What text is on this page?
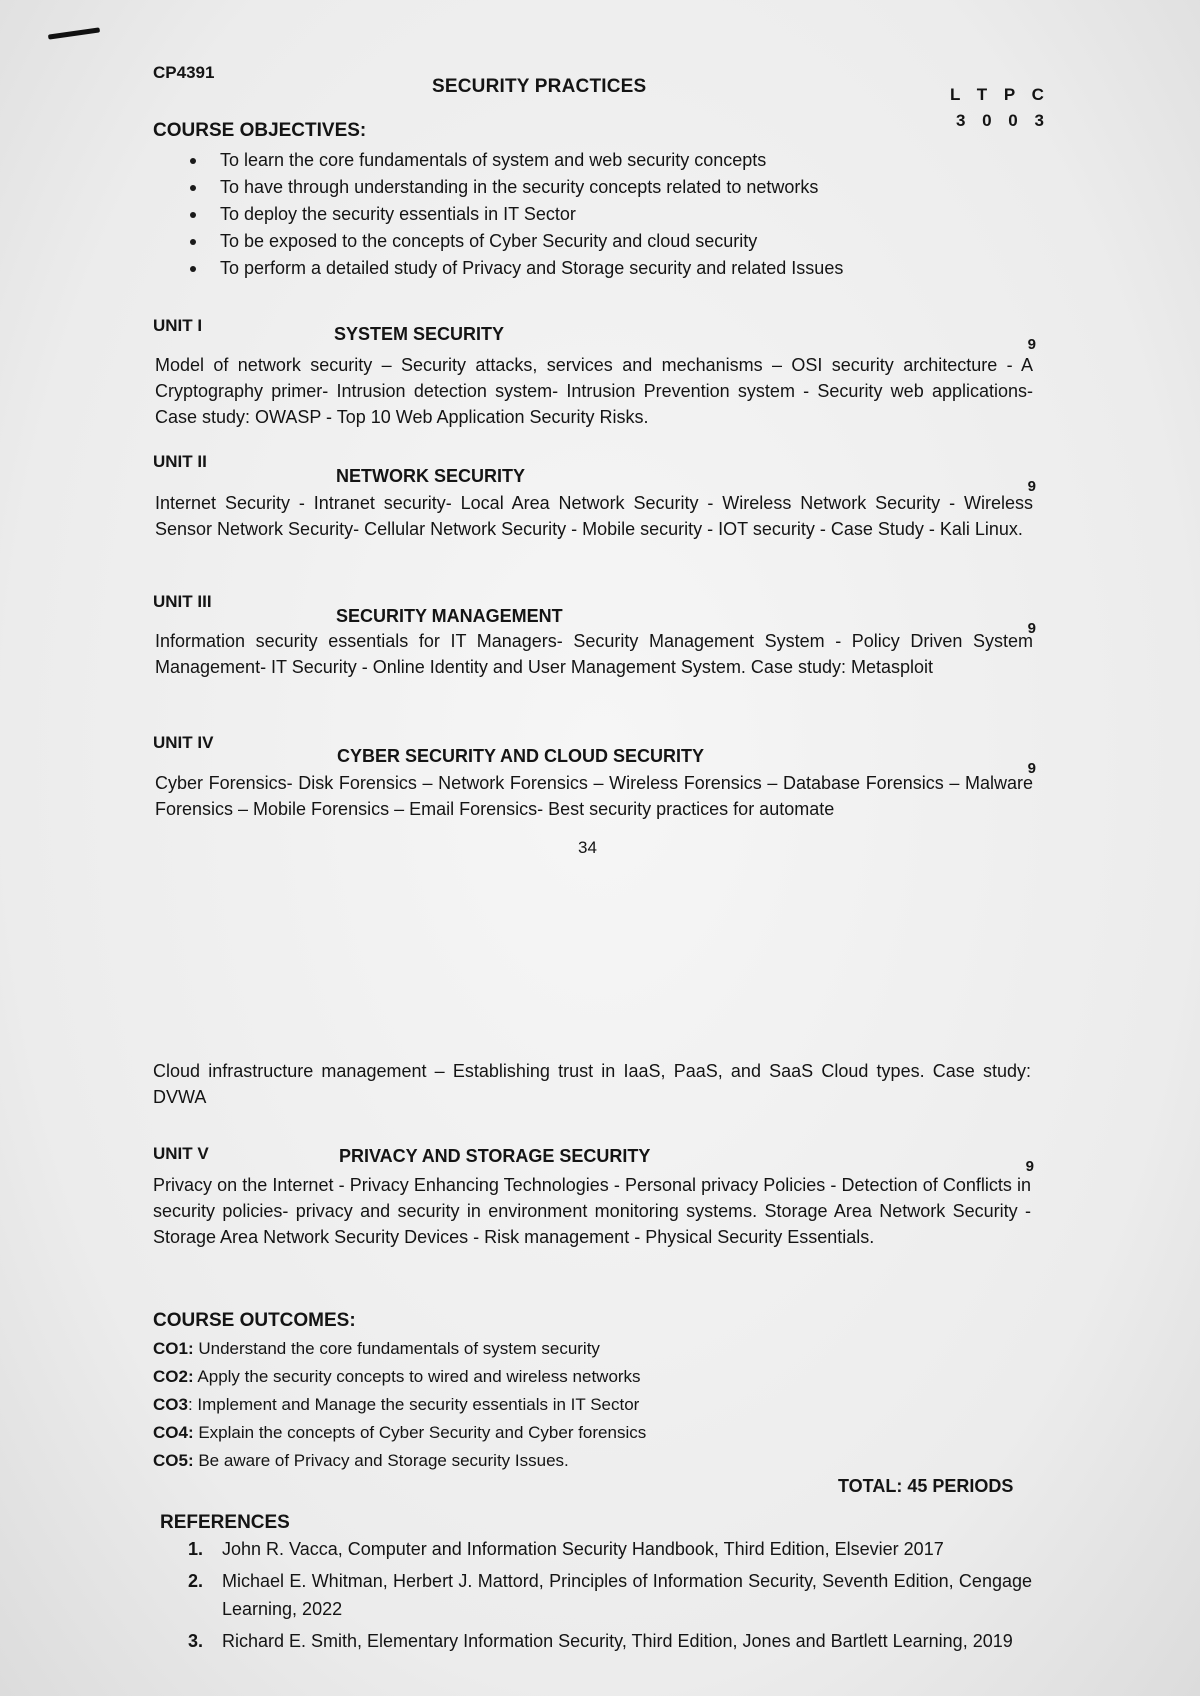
CP4391
SECURITY PRACTICES	L T P C
3 0 0 3
COURSE OBJECTIVES:
To learn the core fundamentals of system and web security concepts
To have through understanding in the security concepts related to networks
To deploy the security essentials in IT Sector
To be exposed to the concepts of Cyber Security and cloud security
To perform a detailed study of Privacy and Storage security and related Issues
UNIT I	SYSTEM SECURITY
9
Model of network security – Security attacks, services and mechanisms – OSI security architecture - A Cryptography primer- Intrusion detection system- Intrusion Prevention system - Security web applications- Case study: OWASP - Top 10 Web Application Security Risks.
UNIT II
NETWORK SECURITY
9
Internet Security - Intranet security- Local Area Network Security - Wireless Network Security - Wireless Sensor Network Security- Cellular Network Security - Mobile security - IOT security - Case Study - Kali Linux.
UNIT III
SECURITY MANAGEMENT
9
Information security essentials for IT Managers- Security Management System - Policy Driven System Management- IT Security - Online Identity and User Management System. Case study: Metasploit
UNIT IV
CYBER SECURITY AND CLOUD SECURITY
9
Cyber Forensics- Disk Forensics – Network Forensics – Wireless Forensics – Database Forensics – Malware Forensics – Mobile Forensics – Email Forensics- Best security practices for automate
34
Cloud infrastructure management – Establishing trust in IaaS, PaaS, and SaaS Cloud types. Case study: DVWA
UNIT V	PRIVACY AND STORAGE SECURITY
9
Privacy on the Internet - Privacy Enhancing Technologies - Personal privacy Policies - Detection of Conflicts in security policies- privacy and security in environment monitoring systems. Storage Area Network Security - Storage Area Network Security Devices - Risk management - Physical Security Essentials.
COURSE OUTCOMES:
CO1: Understand the core fundamentals of system security
CO2: Apply the security concepts to wired and wireless networks
CO3: Implement and Manage the security essentials in IT Sector
CO4: Explain the concepts of Cyber Security and Cyber forensics
CO5: Be aware of Privacy and Storage security Issues.
TOTAL: 45 PERIODS
REFERENCES
1.	John R. Vacca, Computer and Information Security Handbook, Third Edition, Elsevier 2017
2.	Michael E. Whitman, Herbert J. Mattord, Principles of Information Security, Seventh Edition, Cengage Learning, 2022
3.	Richard E. Smith, Elementary Information Security, Third Edition, Jones and Bartlett Learning, 2019
